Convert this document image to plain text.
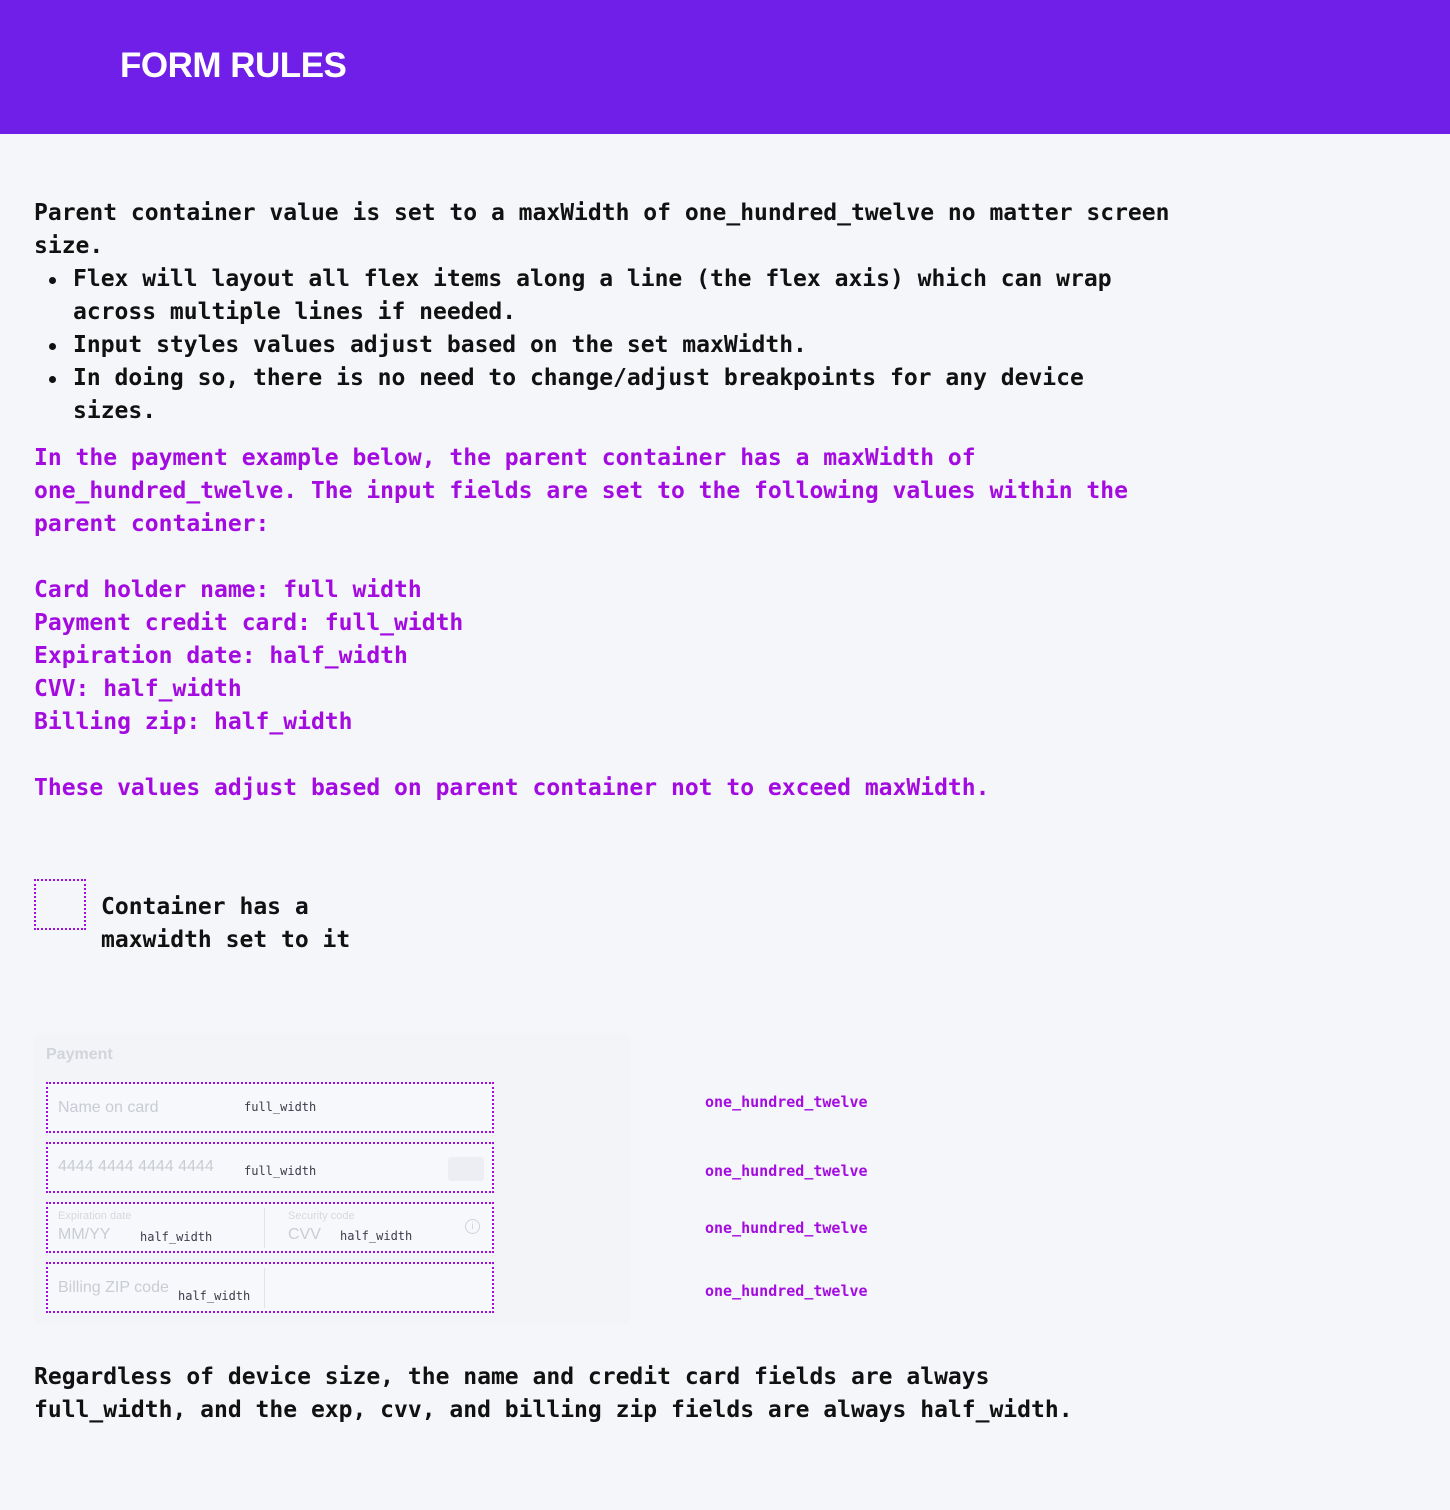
FORM RULES

Parent container value is set to a maxWidth of one_hundred_twelve no matter screen size.

Flex will layout all flex items along a line (the flex axis) which can wrap across multiple lines if needed.
Input styles values adjust based on the set maxWidth.
In doing so, there is no need to change/adjust breakpoints for any device sizes.

In the payment example below, the parent container has a maxWidth of one_hundred_twelve. The input fields are set to the following values within the parent container:

Card holder name: full width

Payment credit card: full_width

Expiration date: half_width

CVV: half_width

Billing zip: half_width

These values adjust based on parent container not to exceed maxWidth.

Container has a maxwidth set to it
Payment
Name on card	full_width
4444 4444 4444 4444	full_width
Expiration date
MM/YY half_width
Security code
CVV half_width
i
Billing ZIP code half_width
one_hundred_twelve
one_hundred_twelve
one_hundred_twelve
one_hundred_twelve
Regardless of device size, the name and credit card fields are always full_width, and the exp, cvv, and billing zip fields are always half_width.
